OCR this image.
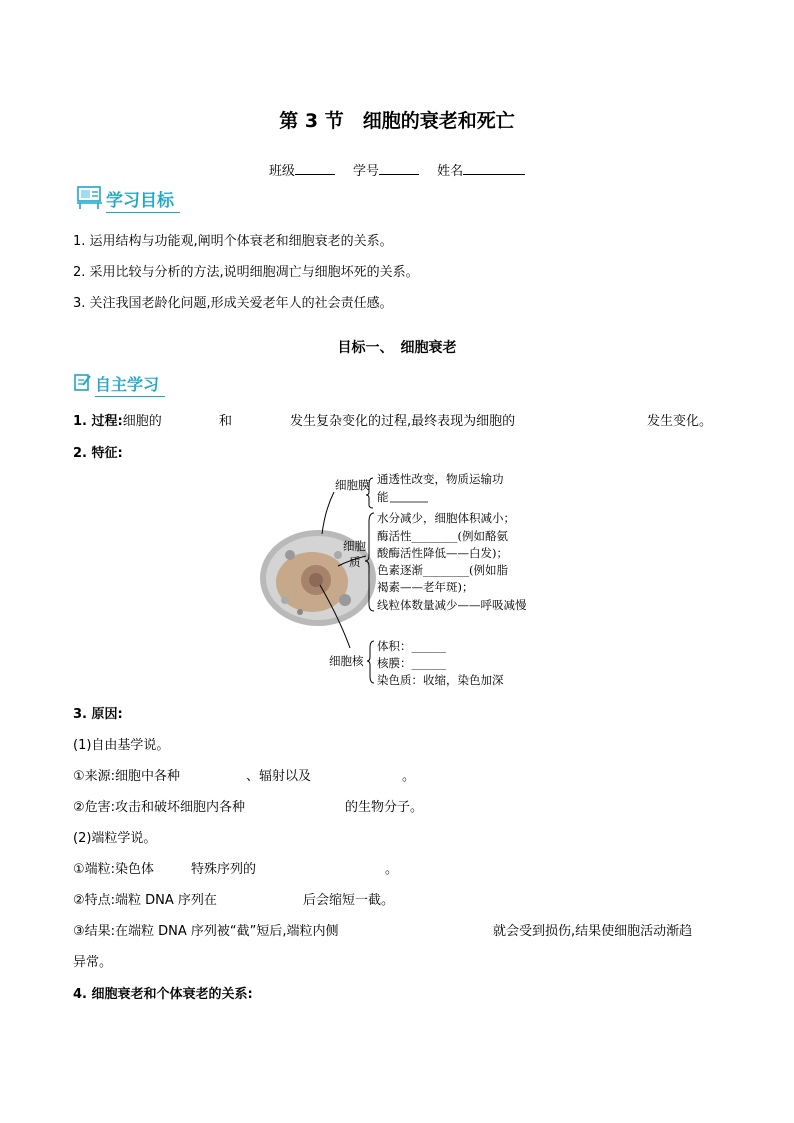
第 3 节　细胞的衰老和死亡
班级	学号	姓名
学习目标
1. 运用结构与功能观,阐明个体衰老和细胞衰老的关系。
2. 采用比较与分析的方法,说明细胞凋亡与细胞坏死的关系。
3. 关注我国老龄化问题,形成关爱老年人的社会责任感。
目标一、　细胞衰老
自主学习
1. 过程:细胞的	和	发生复杂变化的过程,最终表现为细胞的	发生变化。
2. 特征:
细胞膜 通透性改变，物质运输功
能
细胞
质
水分减少，细胞体积减小；
酶活性________(例如酪氨
酸酶活性降低——白发)；
色素逐渐________(例如脂
褐素——老年斑)；
线粒体数量减少——呼吸减慢
细胞核
体积：______
核膜：______
染色质：收缩，染色加深
3. 原因:
(1)自由基学说。
①来源:细胞中各种	、辐射以及	。
②危害:攻击和破坏细胞内各种	的生物分子。
(2)端粒学说。
①端粒:染色体	特殊序列的	。
②特点:端粒 DNA 序列在	后会缩短一截。
③结果:在端粒 DNA 序列被“截”短后,端粒内侧	就会受到损伤,结果使细胞活动渐趋
异常。
4. 细胞衰老和个体衰老的关系:
